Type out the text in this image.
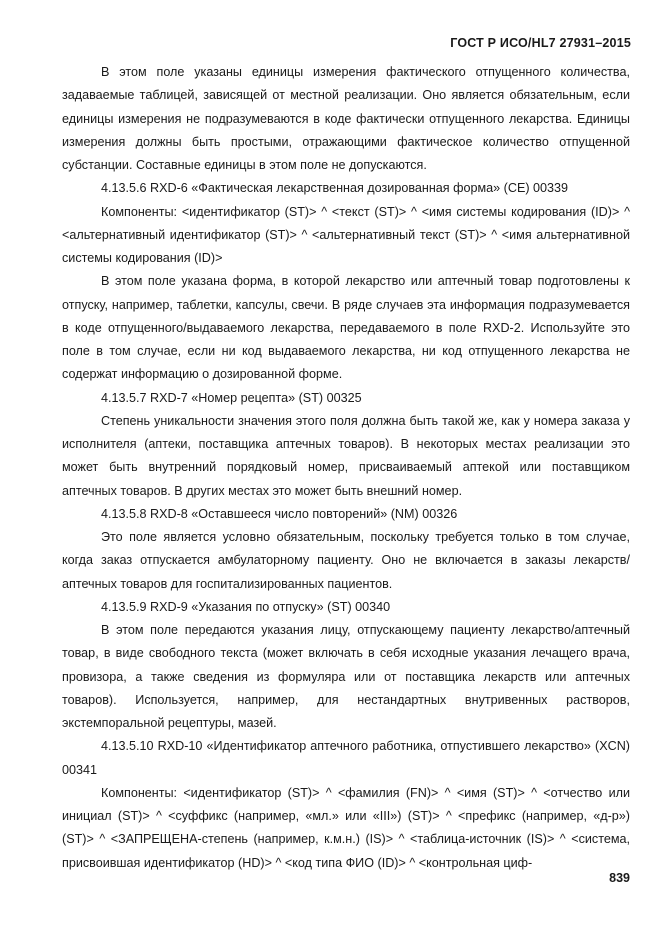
ГОСТ Р ИСО/HL7 27931–2015

В этом поле указаны единицы измерения фактического отпущенного количества, задаваемые таблицей, зависящей от местной реализации. Оно является обязательным, если единицы измерения не подразумеваются в коде фактически отпущенного лекарства. Единицы измерения должны быть простыми, отражающими фактическое количество отпущенной субстанции. Составные единицы в этом поле не допускаются.

4.13.5.6 RXD-6 «Фактическая лекарственная дозированная форма» (CE) 00339

Компоненты: <идентификатор (ST)> ^ <текст (ST)> ^ <имя системы кодирования (ID)> ^ <альтернативный идентификатор (ST)> ^ <альтернативный текст (ST)> ^ <имя альтернативной системы кодирования (ID)>

В этом поле указана форма, в которой лекарство или аптечный товар подготовлены к отпуску, например, таблетки, капсулы, свечи. В ряде случаев эта информация подразумевается в коде отпущенного/выдаваемого лекарства, передаваемого в поле RXD-2. Используйте это поле в том случае, если ни код выдаваемого лекарства, ни код отпущенного лекарства не содержат информацию о дозированной форме.

4.13.5.7 RXD-7 «Номер рецепта» (ST) 00325

Степень уникальности значения этого поля должна быть такой же, как у номера заказа у исполнителя (аптеки, поставщика аптечных товаров). В некоторых местах реализации это может быть внутренний порядковый номер, присваиваемый аптекой или поставщиком аптечных товаров. В других местах это может быть внешний номер.

4.13.5.8 RXD-8 «Оставшееся число повторений» (NM) 00326

Это поле является условно обязательным, поскольку требуется только в том случае, когда заказ отпускается амбулаторному пациенту. Оно не включается в заказы лекарств/аптечных товаров для госпитализированных пациентов.

4.13.5.9 RXD-9 «Указания по отпуску» (ST) 00340

В этом поле передаются указания лицу, отпускающему пациенту лекарство/аптечный товар, в виде свободного текста (может включать в себя исходные указания лечащего врача, провизора, а также сведения из формуляра или от поставщика лекарств или аптечных товаров). Используется, например, для нестандартных внутривенных растворов, экстемпоральной рецептуры, мазей.

4.13.5.10 RXD-10 «Идентификатор аптечного работника, отпустившего лекарство» (XCN) 00341

Компоненты: <идентификатор (ST)> ^ <фамилия (FN)> ^ <имя (ST)> ^ <отчество или инициал (ST)> ^ <суффикс (например, «мл.» или «III») (ST)> ^ <префикс (например, «д-р») (ST)> ^ <ЗАПРЕЩЕНА-степень (например, к.м.н.) (IS)> ^ <таблица-источник (IS)> ^ <система, присвоившая идентификатор (HD)> ^ <код типа ФИО (ID)> ^ <контрольная циф-

839
